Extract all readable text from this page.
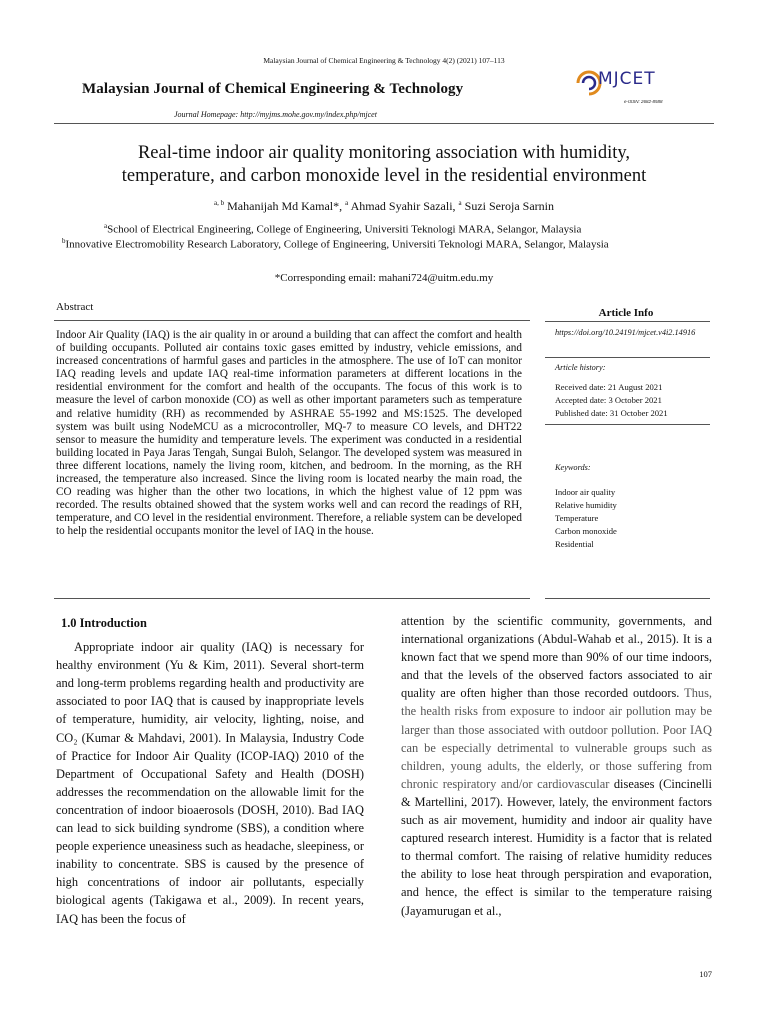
Malaysian Journal of Chemical Engineering & Technology 4(2) (2021) 107–113
Malaysian Journal of Chemical Engineering & Technology
Journal Homepage: http://myjms.mohe.gov.my/index.php/mjcet
MJCET
e-ISSN: 2682-8588
Real-time indoor air quality monitoring association with humidity,
temperature, and carbon monoxide level in the residential environment
$^{a, b}$ Mahanijah Md Kamal*, $^a$ Ahmad Syahir Sazali, $^a$ Suzi Seroja Sarnin
$^a$School of Electrical Engineering, College of Engineering, Universiti Teknologi MARA, Selangor, Malaysia
$^b$Innovative Electromobility Research Laboratory, College of Engineering, Universiti Teknologi MARA, Selangor, Malaysia
*Corresponding email: mahani724@uitm.edu.my
Abstract
Indoor Air Quality (IAQ) is the air quality in or around a building that can affect the comfort and health of building occupants. Polluted air contains toxic gases emitted by industry, vehicle emissions, and increased concentrations of harmful gases and particles in the atmosphere. The use of IoT can monitor IAQ reading levels and update IAQ real-time information parameters at different locations in the residential environment for the comfort and health of the occupants. The focus of this work is to measure the level of carbon monoxide (CO) as well as other important parameters such as temperature and relative humidity (RH) as recommended by ASHRAE 55-1992 and MS:1525. The developed system was built using NodeMCU as a microcontroller, MQ-7 to measure CO levels, and DHT22 sensor to measure the humidity and temperature levels. The experiment was conducted in a residential building located in Paya Jaras Tengah, Sungai Buloh, Selangor. The developed system was measured in three different locations, namely the living room, kitchen, and bedroom. In the morning, as the RH increased, the temperature also increased. Since the living room is located nearby the main road, the CO reading was higher than the other two locations, in which the highest value of 12 ppm was recorded. The results obtained showed that the system works well and can record the readings of RH, temperature, and CO level in the residential environment. Therefore, a reliable system can be developed to help the residential occupants monitor the level of IAQ in the house.
Article Info
https://doi.org/10.24191/mjcet.v4i2.14916
Article history:
Received date: 21 August 2021
Accepted date: 3 October 2021
Published date: 31 October 2021
Keywords:
Indoor air quality
Relative humidity
Temperature
Carbon monoxide
Residential
1.0 Introduction
Appropriate indoor air quality (IAQ) is necessary for healthy environment (Yu & Kim, 2011). Several short-term and long-term problems regarding health and productivity are associated to poor IAQ that is caused by inappropriate levels of temperature, humidity, air velocity, lighting, noise, and CO₂ (Kumar & Mahdavi, 2001). In Malaysia, Industry Code of Practice for Indoor Air Quality (ICOP-IAQ) 2010 of the Department of Occupational Safety and Health (DOSH) addresses the recommendation on the allowable limit for the concentration of indoor bioaerosols (DOSH, 2010). Bad IAQ can lead to sick building syndrome (SBS), a condition where people experience uneasiness such as headache, sleepiness, or inability to concentrate. SBS is caused by the presence of high concentrations of indoor air pollutants, especially biological agents (Takigawa et al., 2009). In recent years, IAQ has been the focus of
attention by the scientific community, governments, and international organizations (Abdul-Wahab et al., 2015). It is a known fact that we spend more than 90% of our time indoors, and that the levels of the observed factors associated to air quality are often higher than those recorded outdoors. Thus, the health risks from exposure to indoor air pollution may be larger than those associated with outdoor pollution. Poor IAQ can be especially detrimental to vulnerable groups such as children, young adults, the elderly, or those suffering from chronic respiratory and/or cardiovascular diseases (Cincinelli & Martellini, 2017). However, lately, the environment factors such as air movement, humidity and indoor air quality have captured research interest. Humidity is a factor that is related to thermal comfort. The raising of relative humidity reduces the ability to lose heat through perspiration and evaporation, and hence, the effect is similar to the temperature raising (Jayamurugan et al.,
107
